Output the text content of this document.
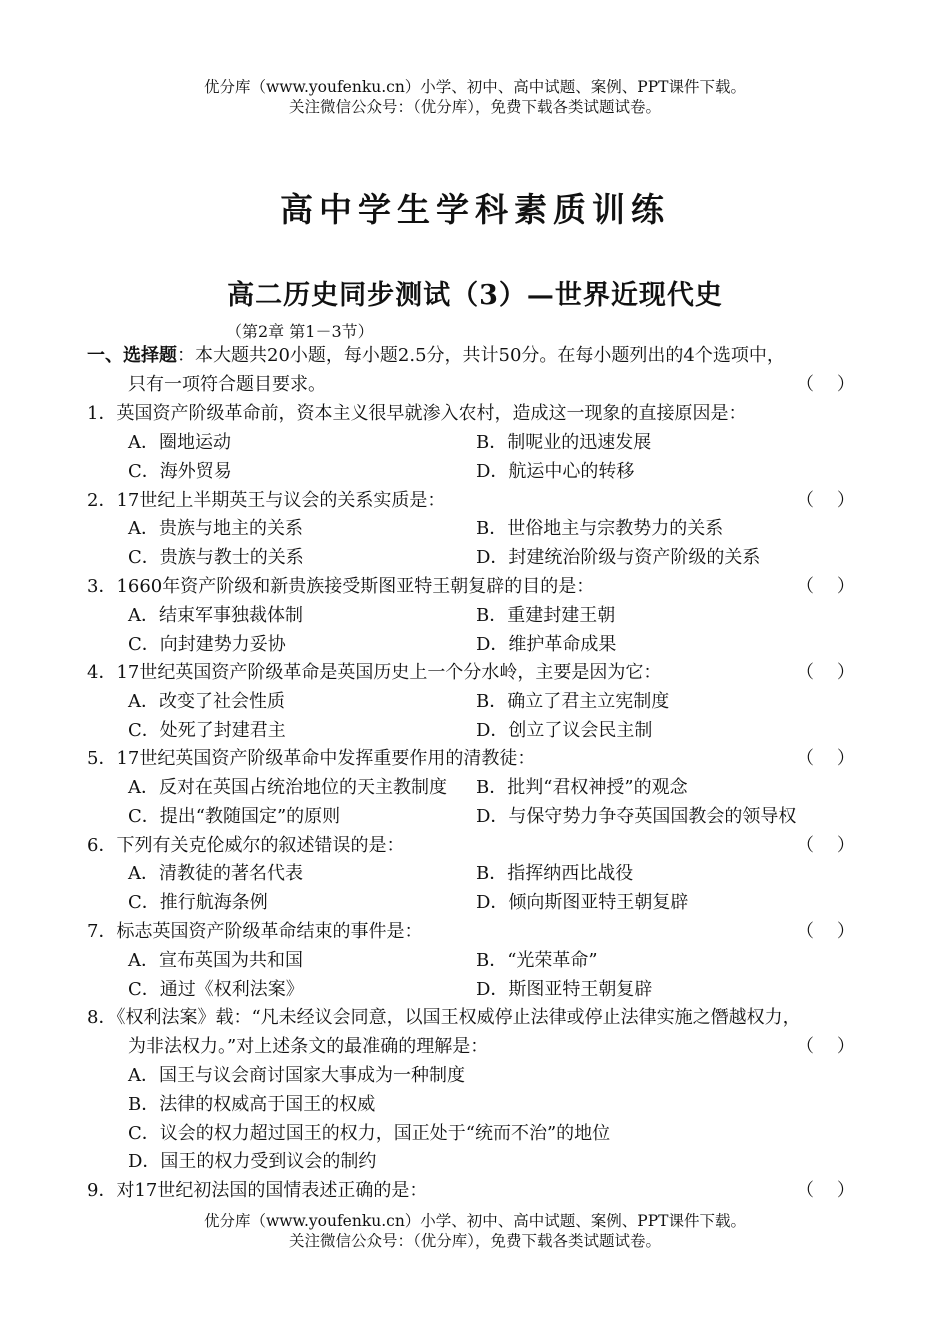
优分库（www.youfenku.cn）小学、初中、高中试题、案例、PPT课件下载。
关注微信公众号：（优分库），免费下载各类试题试卷。
高中学生学科素质训练
高二历史同步测试（3）—世界近现代史
（第2章 第1－3节）
一、选择题：本大题共20小题，每小题2.5分，共计50分。在每小题列出的4个选项中，
只有一项符合题目要求。	（    ）
1．英国资产阶级革命前，资本主义很早就渗入农村，造成这一现象的直接原因是：
A．圈地运动	B．制呢业的迅速发展
C．海外贸易	D．航运中心的转移
2．17世纪上半期英王与议会的关系实质是：	（    ）
A．贵族与地主的关系	B．世俗地主与宗教势力的关系
C．贵族与教士的关系	D．封建统治阶级与资产阶级的关系
3．1660年资产阶级和新贵族接受斯图亚特王朝复辟的目的是：	（    ）
A．结束军事独裁体制	B．重建封建王朝
C．向封建势力妥协	D．维护革命成果
4．17世纪英国资产阶级革命是英国历史上一个分水岭，主要是因为它：	（    ）
A．改变了社会性质	B．确立了君主立宪制度
C．处死了封建君主	D．创立了议会民主制
5．17世纪英国资产阶级革命中发挥重要作用的清教徒：	（    ）
A．反对在英国占统治地位的天主教制度 B．批判“君权神授”的观念
C．提出“教随国定”的原则	D．与保守势力争夺英国国教会的领导权
6．下列有关克伦威尔的叙述错误的是：	（    ）
A．清教徒的著名代表	B．指挥纳西比战役
C．推行航海条例	D．倾向斯图亚特王朝复辟
7．标志英国资产阶级革命结束的事件是：	（    ）
A．宣布英国为共和国	B．“光荣革命”
C．通过《权利法案》	D．斯图亚特王朝复辟
8．《权利法案》载：“凡未经议会同意，以国王权威停止法律或停止法律实施之僭越权力，
为非法权力。”对上述条文的最准确的理解是：	（    ）
A．国王与议会商讨国家大事成为一种制度
B．法律的权威高于国王的权威
C．议会的权力超过国王的权力，国正处于“统而不治”的地位
D．国王的权力受到议会的制约
9．对17世纪初法国的国情表述正确的是：	（    ）
优分库（www.youfenku.cn）小学、初中、高中试题、案例、PPT课件下载。
关注微信公众号：（优分库），免费下载各类试题试卷。
